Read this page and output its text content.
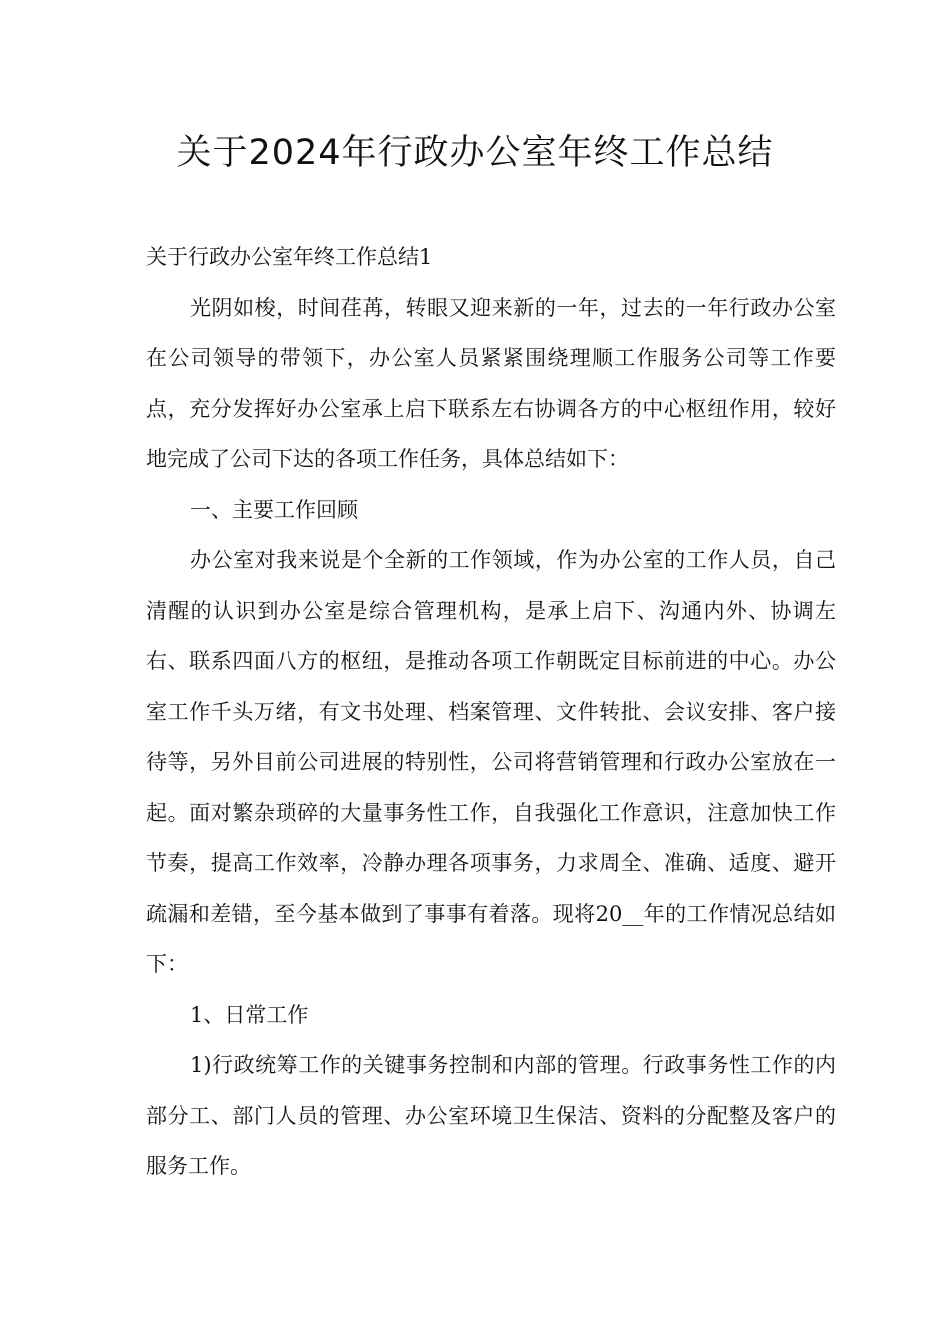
关于2024年行政办公室年终工作总结

关于行政办公室年终工作总结1

光阴如梭，时间荏苒，转眼又迎来新的一年，过去的一年行政办公室在公司领导的带领下，办公室人员紧紧围绕理顺工作服务公司等工作要点，充分发挥好办公室承上启下联系左右协调各方的中心枢纽作用，较好地完成了公司下达的各项工作任务，具体总结如下：

一、主要工作回顾

办公室对我来说是个全新的工作领域，作为办公室的工作人员，自己清醒的认识到办公室是综合管理机构，是承上启下、沟通内外、协调左右、联系四面八方的枢纽，是推动各项工作朝既定目标前进的中心。办公室工作千头万绪，有文书处理、档案管理、文件转批、会议安排、客户接待等，另外目前公司进展的特别性，公司将营销管理和行政办公室放在一起。面对繁杂琐碎的大量事务性工作，自我强化工作意识，注意加快工作节奏，提高工作效率，冷静办理各项事务，力求周全、准确、适度、避开疏漏和差错，至今基本做到了事事有着落。现将20__年的工作情况总结如下：

1、日常工作

1)行政统筹工作的关键事务控制和内部的管理。行政事务性工作的内部分工、部门人员的管理、办公室环境卫生保洁、资料的分配整及客户的服务工作。
